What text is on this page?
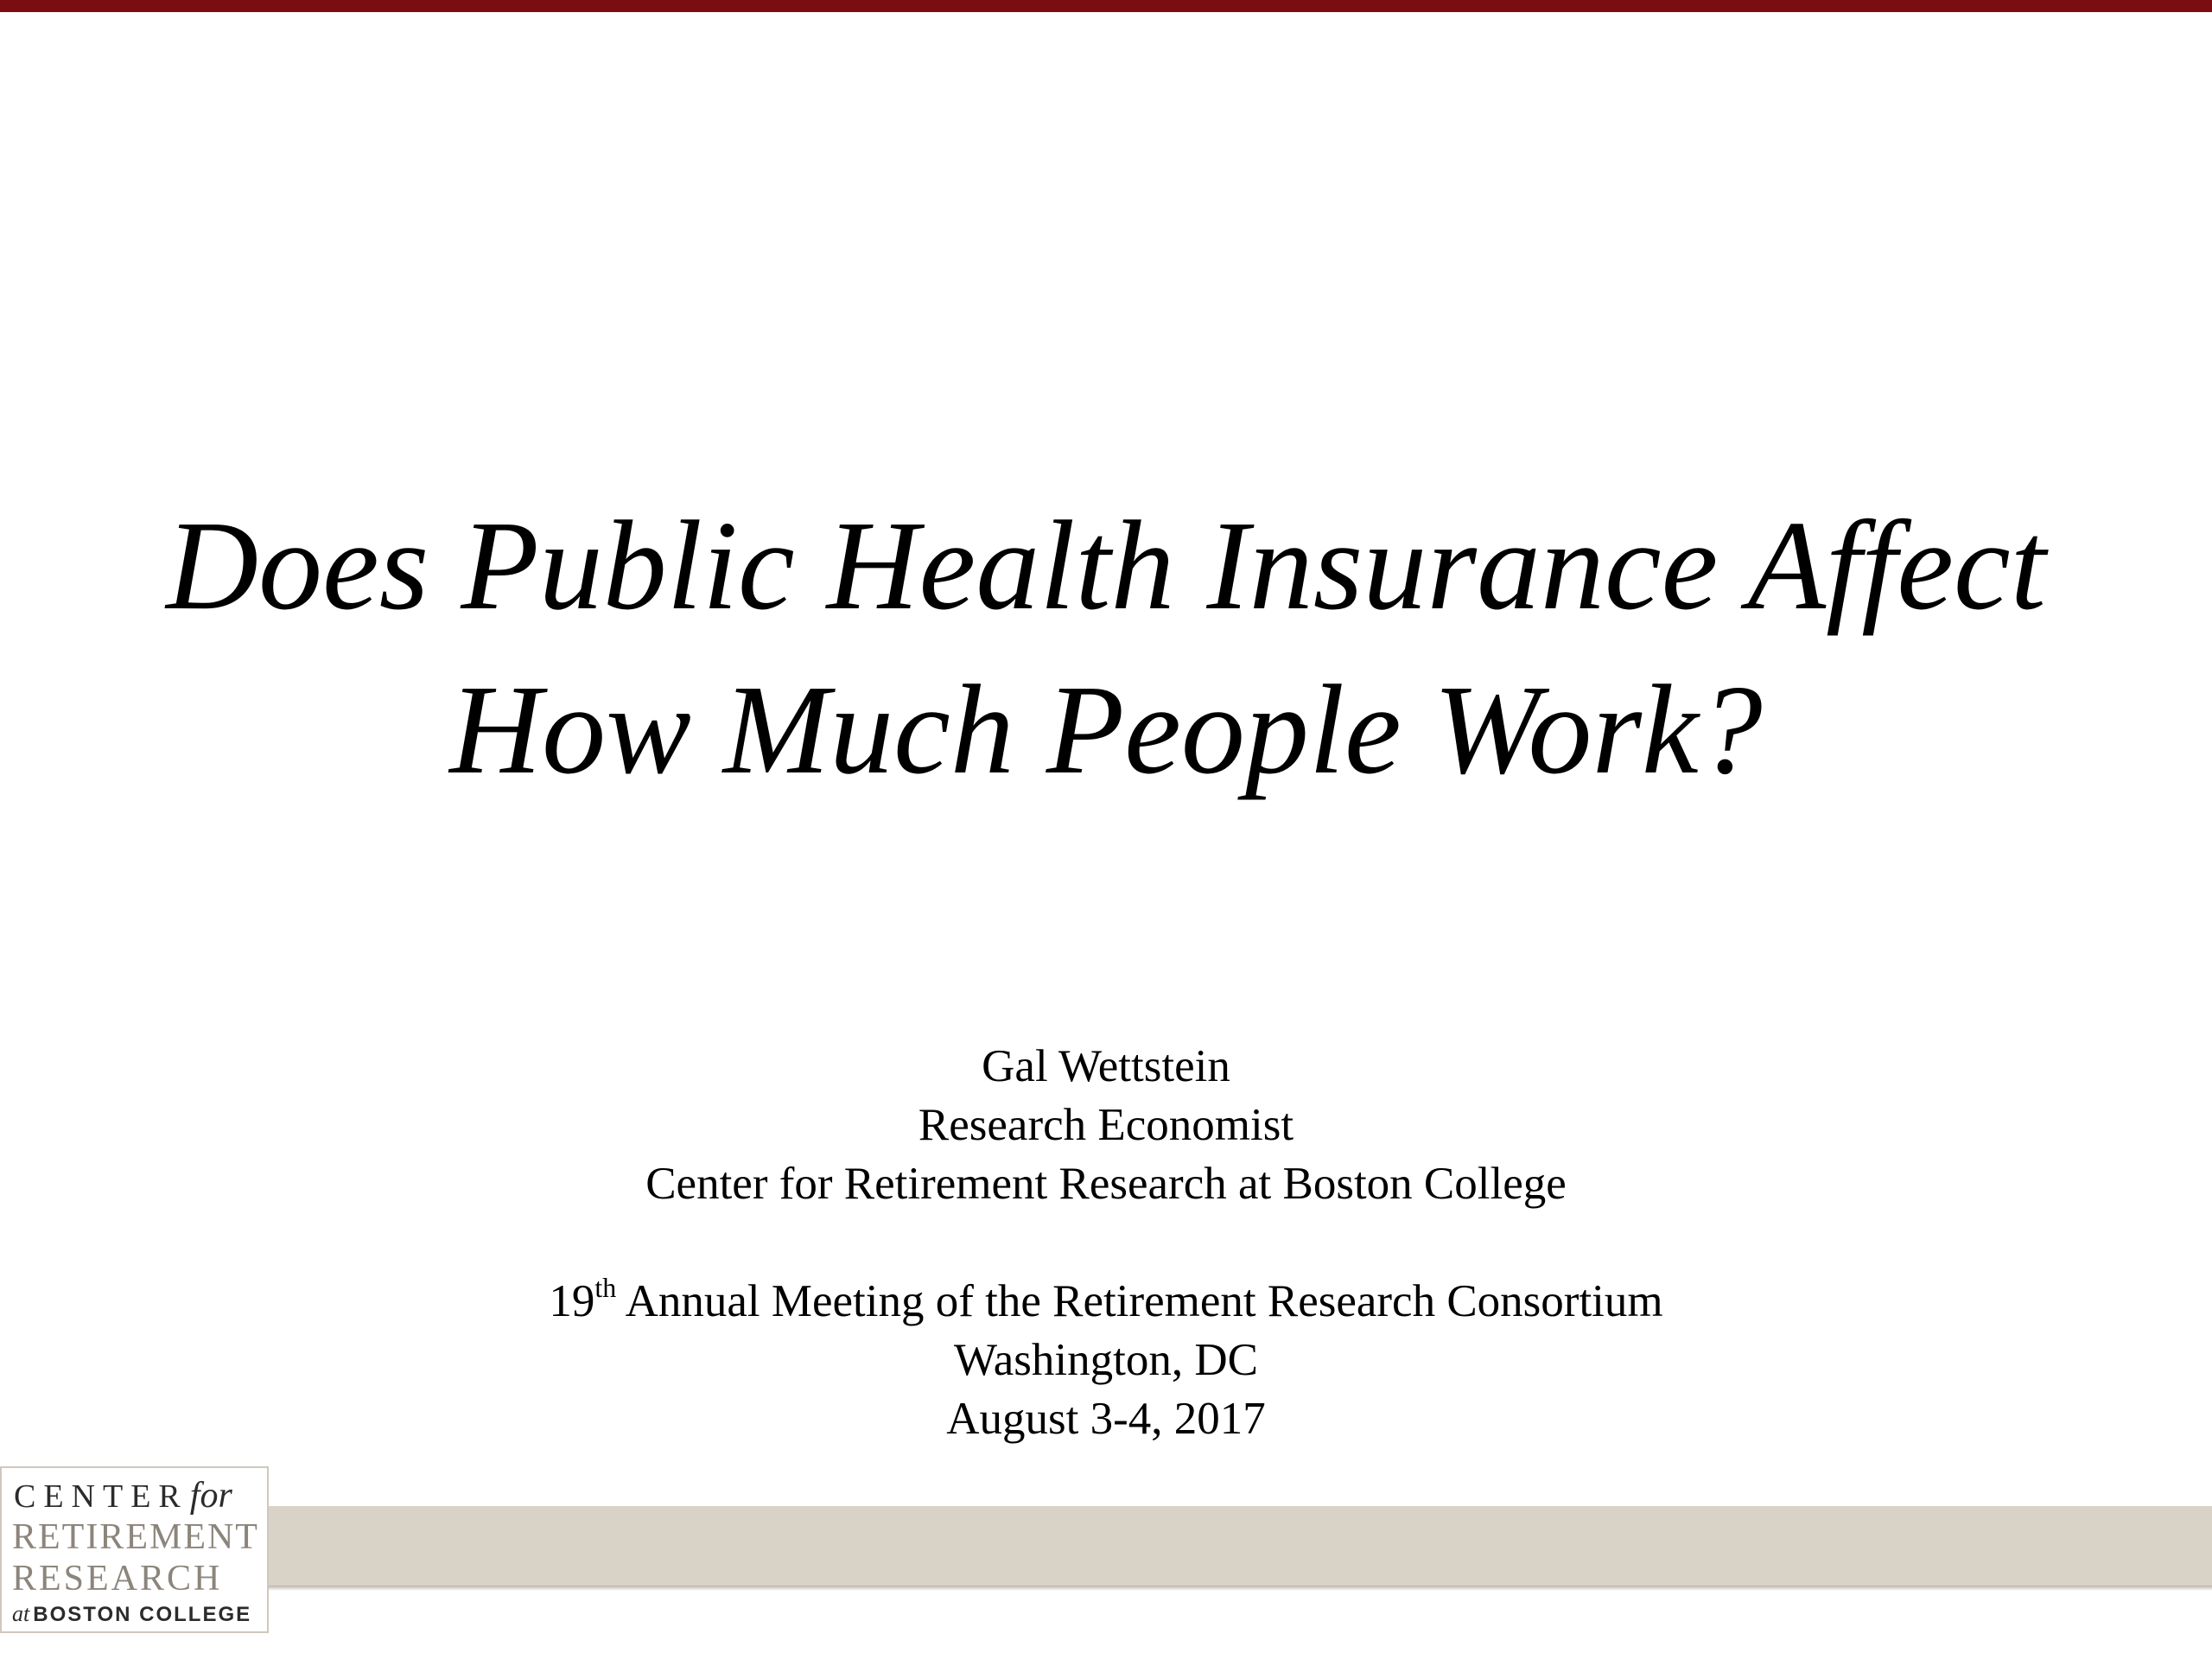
Does Public Health Insurance Affect
How Much People Work?
Gal Wettstein
Research Economist
Center for Retirement Research at Boston College
19th Annual Meeting of the Retirement Research Consortium
Washington, DC
August 3-4, 2017
CENTERfor
RETIREMENT
RESEARCH
at BOSTON COLLEGE
